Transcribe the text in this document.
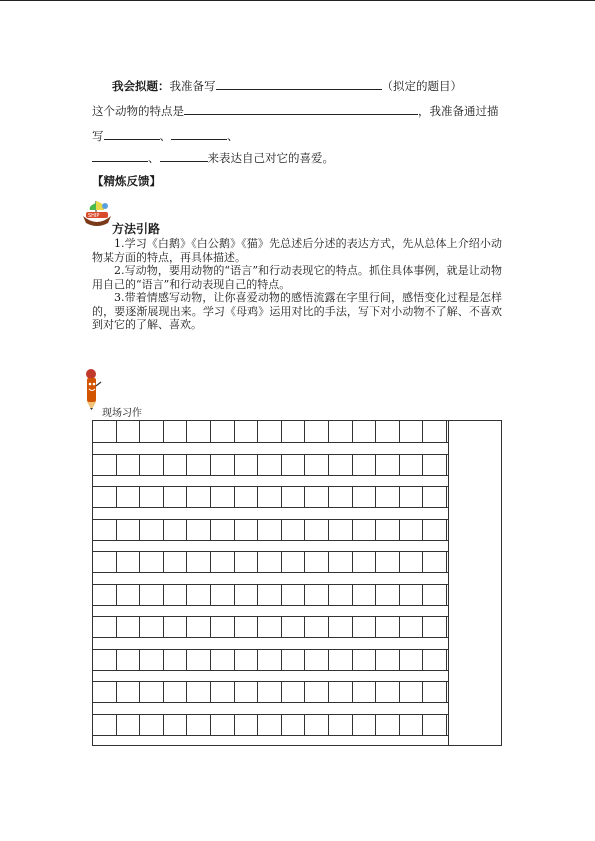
我会拟题：我准备写	（拟定的题目）
这个动物的特点是	，我准备通过描
写	、	、
、	来表达自己对它的喜爱。
【精炼反馈】
SHIP
方法引路

1.学习《白鹅》《白公鹅》《猫》先总述后分述的表达方式，先从总体上介绍小动物某方面的特点，再具体描述。

2.写动物，要用动物的“语言”和行动表现它的特点。抓住具体事例，就是让动物用自己的“语言”和行动表现自己的特点。

3.带着情感写动物，让你喜爱动物的感悟流露在字里行间，感悟变化过程是怎样的，要逐渐展现出来。学习《母鸡》运用对比的手法，写下对小动物不了解、不喜欢到对它的了解、喜欢。

现场习作
